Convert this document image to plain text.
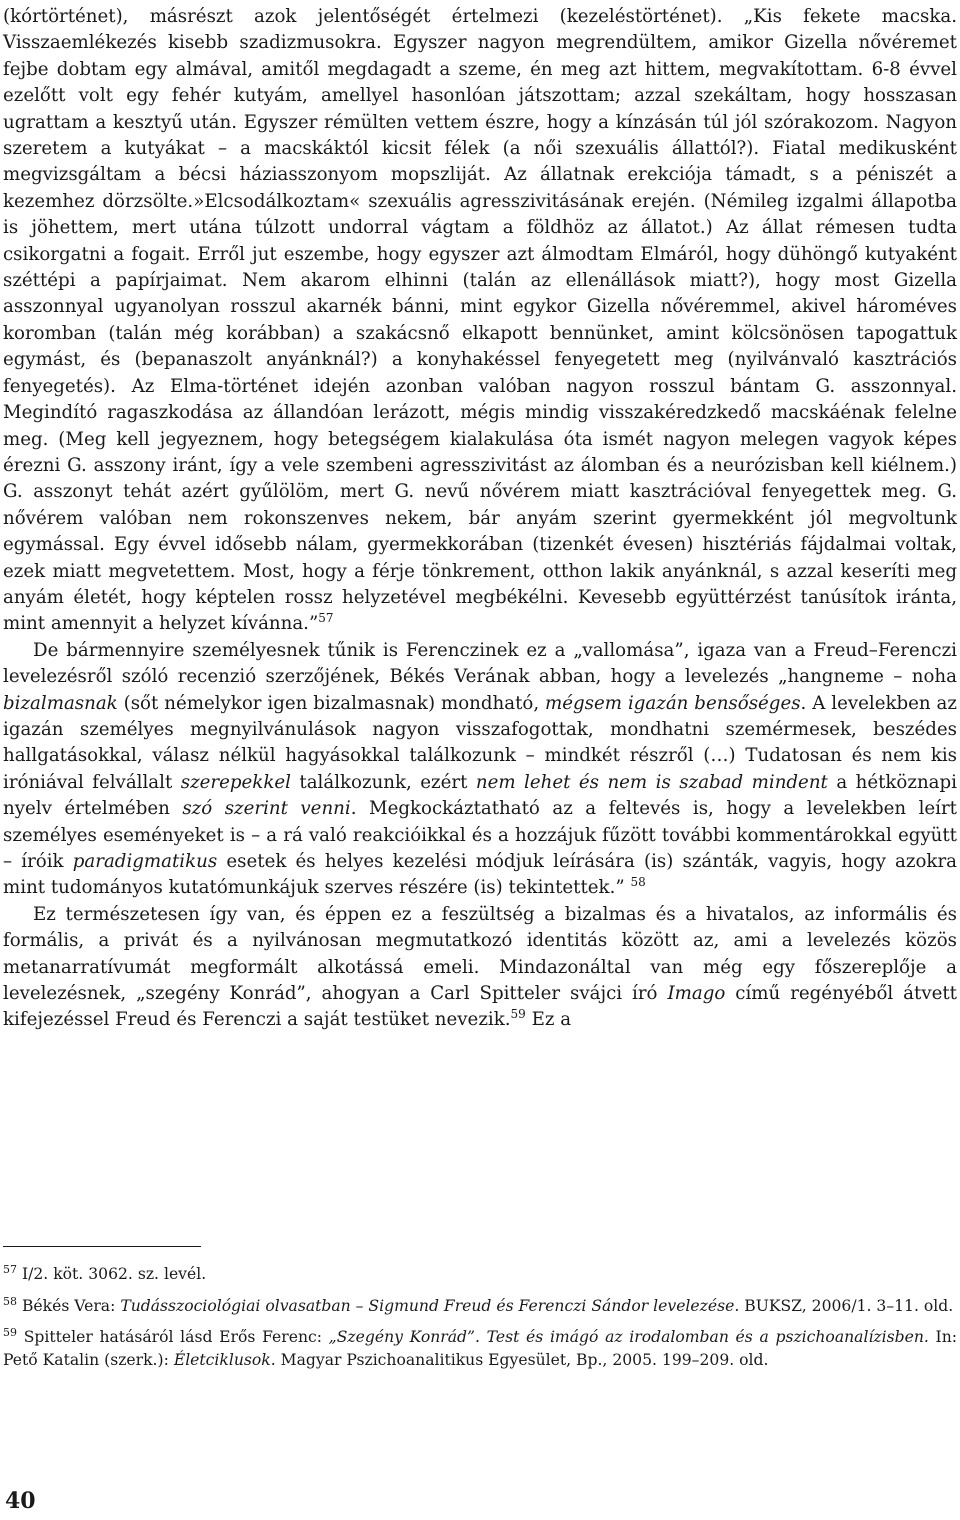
(kórtörténet), másrészt azok jelentőségét értelmezi (kezeléstörténet). „Kis fekete macska. Visszaemlékezés kisebb szadizmusokra. Egyszer nagyon megrendültem, amikor Gizella nővéremet fejbe dobtam egy almával, amitől megdagadt a szeme, én meg azt hittem, megvakítottam. 6-8 évvel ezelőtt volt egy fehér kutyám, amellyel hasonlóan játszottam; azzal szekáltam, hogy hosszasan ugrattam a kesztyű után. Egyszer rémülten vettem észre, hogy a kínzásán túl jól szórakozom. Nagyon szeretem a kutyákat – a macskáktól kicsit félek (a női szexuális állattól?). Fiatal medikusként megvizsgáltam a bécsi háziasszonyom mopszliját. Az állatnak erekciója támadt, s a péniszét a kezemhez dörzsölte.»Elcsodálkoztam« szexuális agresszivitásának erején. (Némileg izgalmi állapotba is jöhettem, mert utána túlzott undorral vágtam a földhöz az állatot.) Az állat rémesen tudta csikorgatni a fogait. Erről jut eszembe, hogy egyszer azt álmodtam Elmáról, hogy dühöngő kutyaként széttépi a papírjaimat. Nem akarom elhinni (talán az ellenállások miatt?), hogy most Gizella asszonnyal ugyanolyan rosszul akarnék bánni, mint egykor Gizella nővéremmel, akivel hároméves koromban (talán még korábban) a szakácsnő elkapott bennünket, amint kölcsönösen tapogattuk egymást, és (bepanaszolt anyánknál?) a konyhakéssel fenyegetett meg (nyilvánvaló kasztrációs fenyegetés). Az Elma-történet idején azonban valóban nagyon rosszul bántam G. asszonnyal. Megindító ragaszkodása az állandóan lerázott, mégis mindig visszakéredzkedő macskáénak felelne meg. (Meg kell jegyeznem, hogy betegségem kialakulása óta ismét nagyon melegen vagyok képes érezni G. asszony iránt, így a vele szembeni agresszivitást az álomban és a neurózisban kell kiélnem.) G. asszonyt tehát azért gyűlölöm, mert G. nevű nővérem miatt kasztrációval fenyegettek meg. G. nővérem valóban nem rokonszenves nekem, bár anyám szerint gyermekként jól megvoltunk egymással. Egy évvel idősebb nálam, gyermekkorában (tizenkét évesen) hisztériás fájdalmai voltak, ezek miatt megvetettem. Most, hogy a férje tönkrement, otthon lakik anyánknál, s azzal keseríti meg anyám életét, hogy képtelen rossz helyzetével megbékélni. Kevesebb együttérzést tanúsítok iránta, mint amennyit a helyzet kívánna.”$^{57}$

De bármennyire személyesnek tűnik is Ferenczinek ez a „vallomása”, igaza van a Freud–Ferenczi levelezésről szóló recenzió szerzőjének, Békés Verának abban, hogy a levelezés „hangneme – noha bizalmasnak (sőt némelykor igen bizalmasnak) mondható, mégsem igazán bensőséges. A levelekben az igazán személyes megnyilvánulások nagyon visszafogottak, mondhatni szemérmesek, beszédes hallgatásokkal, válasz nélkül hagyásokkal találkozunk – mindkét részről (…) Tudatosan és nem kis iróniával felvállalt szerepekkel találkozunk, ezért nem lehet és nem is szabad mindent a hétköznapi nyelv értelmében szó szerint venni. Megkockáztatható az a feltevés is, hogy a levelekben leírt személyes eseményeket is – a rá való reakcióikkal és a hozzájuk fűzött további kommentárokkal együtt – íróik paradigmatikus esetek és helyes kezelési módjuk leírására (is) szánták, vagyis, hogy azokra mint tudományos kutatómunkájuk szerves részére (is) tekintettek.” $^{58}$

Ez természetesen így van, és éppen ez a feszültség a bizalmas és a hivatalos, az informális és formális, a privát és a nyilvánosan megmutatkozó identitás között az, ami a levelezés közös metanarratívumát megformált alkotássá emeli. Mindazonáltal van még egy főszereplője a levelezésnek, „szegény Konrád”, ahogyan a Carl Spitteler svájci író Imago című regényéből átvett kifejezéssel Freud és Ferenczi a saját testüket nevezik.$^{59}$ Ez a

$^{57}$ I/2. köt. 3062. sz. levél.

$^{58}$ Békés Vera: Tudásszociológiai olvasatban – Sigmund Freud és Ferenczi Sándor levelezése. BUKSZ, 2006/1. 3–11. old.

$^{59}$ Spitteler hatásáról lásd Erős Ferenc: „Szegény Konrád”. Test és imágó az irodalomban és a pszichoanalízisben. In: Pető Katalin (szerk.): Életciklusok. Magyar Pszichoanalitikus Egyesület, Bp., 2005. 199–209. old.

40
